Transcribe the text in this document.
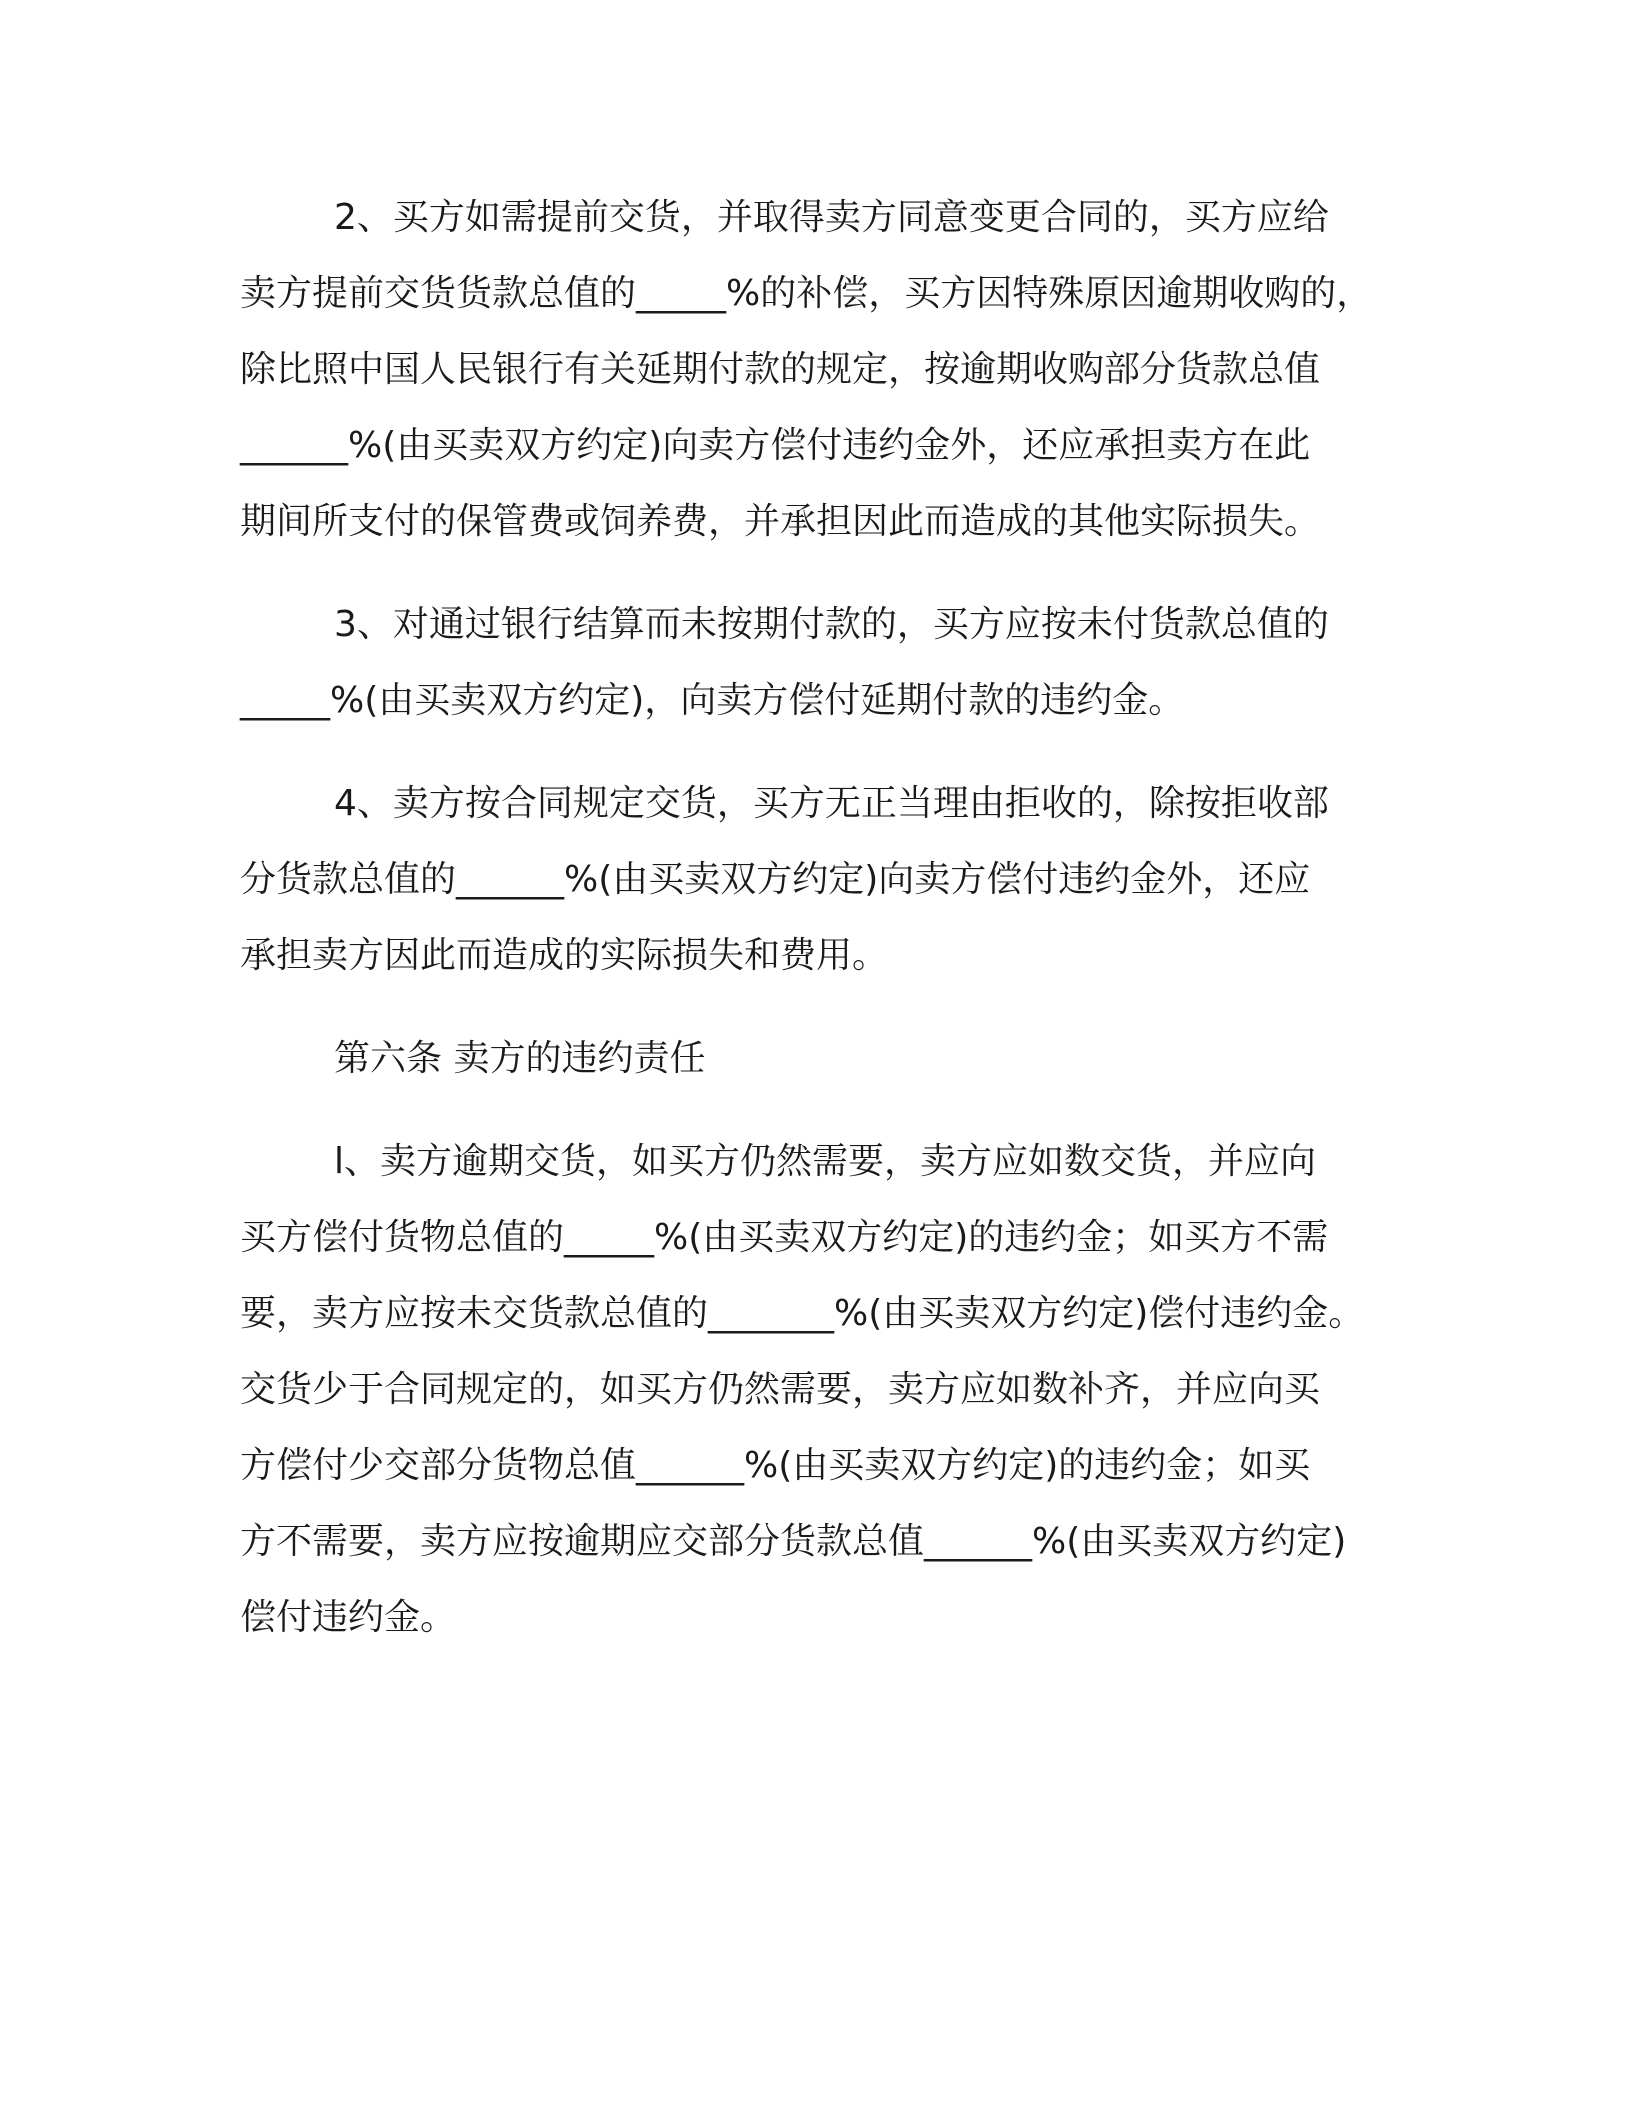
2、买方如需提前交货，并取得卖方同意变更合同的，买方应给
卖方提前交货货款总值的_____%的补偿，买方因特殊原因逾期收购的，
除比照中国人民银行有关延期付款的规定，按逾期收购部分货款总值
______%(由买卖双方约定)向卖方偿付违约金外，还应承担卖方在此
期间所支付的保管费或饲养费，并承担因此而造成的其他实际损失。
3、对通过银行结算而未按期付款的，买方应按未付货款总值的
_____%(由买卖双方约定)，向卖方偿付延期付款的违约金。
4、卖方按合同规定交货，买方无正当理由拒收的，除按拒收部
分货款总值的______%(由买卖双方约定)向卖方偿付违约金外，还应
承担卖方因此而造成的实际损失和费用。
第六条 卖方的违约责任
l、卖方逾期交货，如买方仍然需要，卖方应如数交货，并应向
买方偿付货物总值的_____%(由买卖双方约定)的违约金；如买方不需
要，卖方应按未交货款总值的_______%(由买卖双方约定)偿付违约金。
交货少于合同规定的，如买方仍然需要，卖方应如数补齐，并应向买
方偿付少交部分货物总值______%(由买卖双方约定)的违约金；如买
方不需要，卖方应按逾期应交部分货款总值______%(由买卖双方约定)
偿付违约金。
